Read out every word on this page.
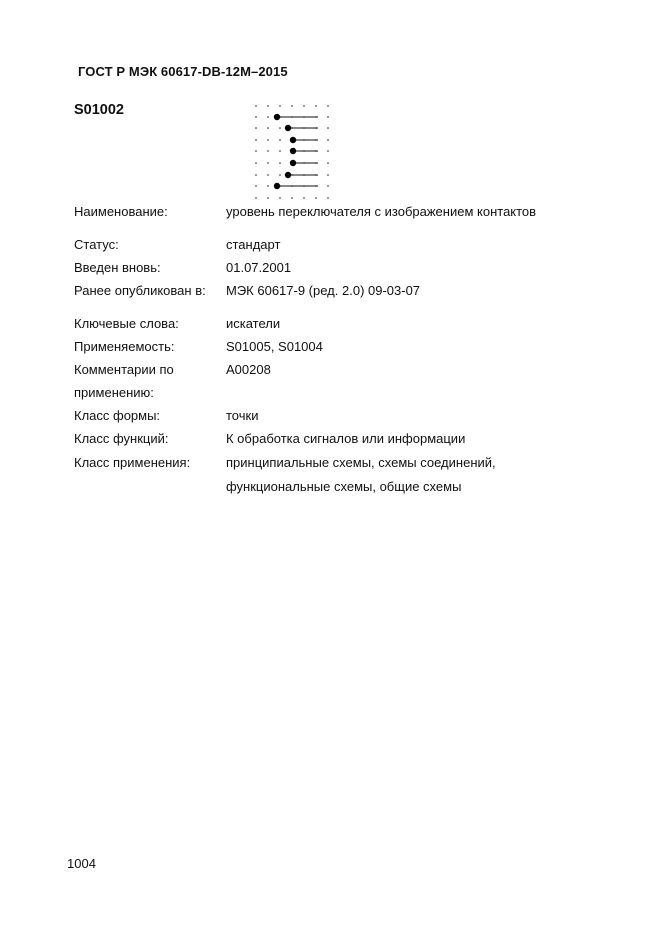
ГОСТ Р МЭК 60617-DB-12M–2015
S01002
Наименование:	уровень переключателя с изображением контактов
Статус:	стандарт
Введен вновь:	01.07.2001
Ранее опубликован в: МЭК 60617-9 (ред. 2.0) 09-03-07
Ключевые слова:	искатели
Применяемость:	S01005, S01004
Комментарии по	A00208
применению:
Класс формы:	точки
Класс функций:	К обработка сигналов или информации
Класс применения:	принципиальные схемы, схемы соединений,
функциональные схемы, общие схемы
1004
